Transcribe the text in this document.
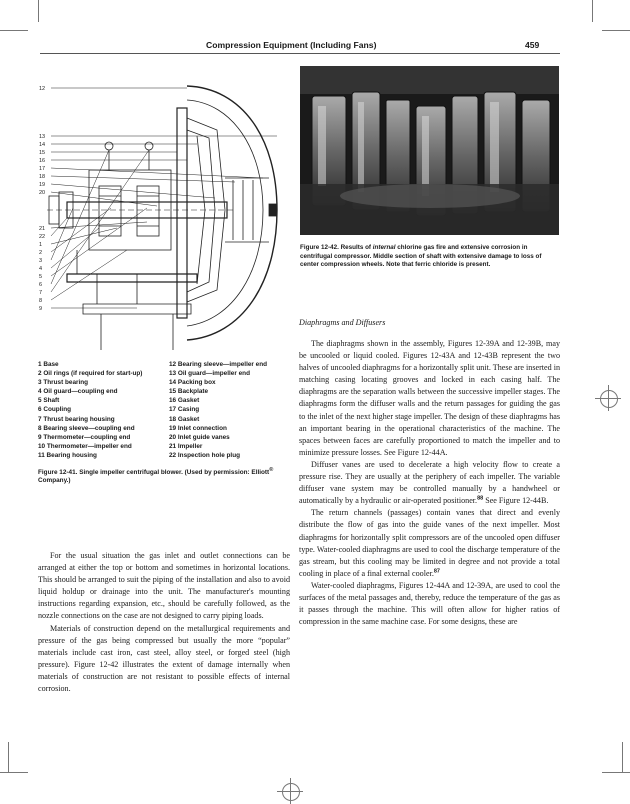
Compression Equipment (Including Fans)	459
12
13
14
15
16
17
18
19
20
21
22
1
2
3
4
5
6
7
8
9
Figure 12-42. Results of internal chlorine gas fire and extensive corrosion in centrifugal compressor. Middle section of shaft with extensive damage to loss of center compression wheels. Note that ferric chloride is present.
1 Base
2 Oil rings (if required for start-up)
3 Thrust bearing
4 Oil guard—coupling end
5 Shaft
6 Coupling
7 Thrust bearing housing
8 Bearing sleeve—coupling end
9 Thermometer—coupling end
10 Thermometer—impeller end
11 Bearing housing
12 Bearing sleeve—impeller end
13 Oil guard—impeller end
14 Packing box
15 Backplate
16 Gasket
17 Casing
18 Gasket
19 Inlet connection
20 Inlet guide vanes
21 Impeller
22 Inspection hole plug
Figure 12-41. Single impeller centrifugal blower. (Used by permission: Elliott® Company.)

For the usual situation the gas inlet and outlet connections can be arranged at either the top or bottom and sometimes in horizontal locations. This should be arranged to suit the piping of the installation and also to avoid liquid holdup or drainage into the unit. The manufacturer's mounting instructions regarding expansion, etc., should be carefully followed, as the nozzle connections on the case are not designed to carry piping loads.

Materials of construction depend on the metallurgical requirements and pressure of the gas being compressed but usually the more “popular” materials include cast iron, cast steel, alloy steel, or forged steel (high pressure). Figure 12-42 illustrates the extent of damage internally when materials of construction are not resistant to possible effects of internal corrosion.

Diaphragms and Diffusers

The diaphragms shown in the assembly, Figures 12-39A and 12-39B, may be uncooled or liquid cooled. Figures 12-43A and 12-43B represent the two halves of uncooled diaphragms for a horizontally split unit. These are inserted in matching casing locating grooves and locked in each casing half. The diaphragms are the separation walls between the successive impeller stages. The diaphragms form the diffuser walls and the return passages for guiding the gas to the inlet of the next higher stage impeller. The design of these diaphragms has an important bearing in the operational characteristics of the machine. The spaces between faces are carefully proportioned to match the impeller and to minimize pressure losses. See Figure 12-44A.

Diffuser vanes are used to decelerate a high velocity flow to create a pressure rise. They are usually at the periphery of each impeller. The variable diffuser vane system may be controlled manually by a handwheel or automatically by a hydraulic or air-operated positioner.$^{88}$ See Figure 12-44B.

The return channels (passages) contain vanes that direct and evenly distribute the flow of gas into the guide vanes of the next impeller. Most diaphragms for horizontally split compressors are of the uncooled open diffuser type. Water-cooled diaphragms are used to cool the discharge temperature of the gas stream, but this cooling may be limited in degree and not provide a total cooling in place of a final external cooler.$^{87}$

Water-cooled diaphragms, Figures 12-44A and 12-39A, are used to cool the surfaces of the metal passages and, thereby, reduce the temperature of the gas as it passes through the machine. This will often allow for higher ratios of compression in the same machine case. For some designs, these are
